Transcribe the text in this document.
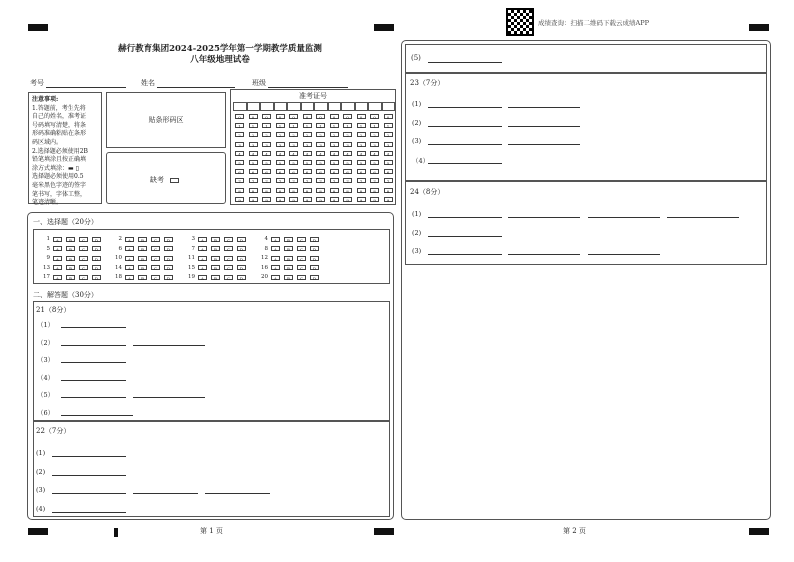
成绩查询：扫描二维码下载云成绩APP
赫行教育集团2024-2025学年第一学期教学质量监测
八年级地理试卷
考号	姓名	班级
注意事项:
1.答题前，考生先将
自己的姓名，准考证
号码填写清楚，将条
形码准确粘贴在条形
码区域内。
2.选择题必须使用2B
铅笔填涂且按正确填
涂方式填涂：▬ ▯
选择题必须使用0.5
毫米黑色字迹的签字
笔书写，字体工整，
笔迹清晰。
贴条形码区
缺考
准考证号
0
1
2
3
4
5
6
7
8
9
0
1
2
3
4
5
6
7
8
9
0
1
2
3
4
5
6
7
8
9
0
1
2
3
4
5
6
7
8
9
0
1
2
3
4
5
6
7
8
9
0
1
2
3
4
5
6
7
8
9
0
1
2
3
4
5
6
7
8
9
0
1
2
3
4
5
6
7
8
9
0
1
2
3
4
5
6
7
8
9
0
1
2
3
4
5
6
7
8
9
0
1
2
3
4
5
6
7
8
9
0
1
2
3
4
5
6
7
8
9
一、选择题（20分）
1	A	B	C	D
5	A	B	C	D
9	A	B	C	D
13	A	B	C	D
17	A	B	C	D
2	A	B	C	D
6	A	B	C	D
10	A	B	C	D
14	A	B	C	D
18	A	B	C	D
3	A	B	C	D
7	A	B	C	D
11	A	B	C	D
15	A	B	C	D
19	A	B	C	D
4	A	B	C	D
8	A	B	C	D
12	A	B	C	D
16	A	B	C	D
20	A	B	C	D
二、解答题（30分）
21（8分）
（1）
（2）
（3）
（4）
（5）
（6）
22（7分）
(1)
(2)
(3)
(4)
(5)
23（7分）
(1)
(2)
(3)
（4）
24（8分）
(1)
(2)
(3)
第 1 页	第 2 页
